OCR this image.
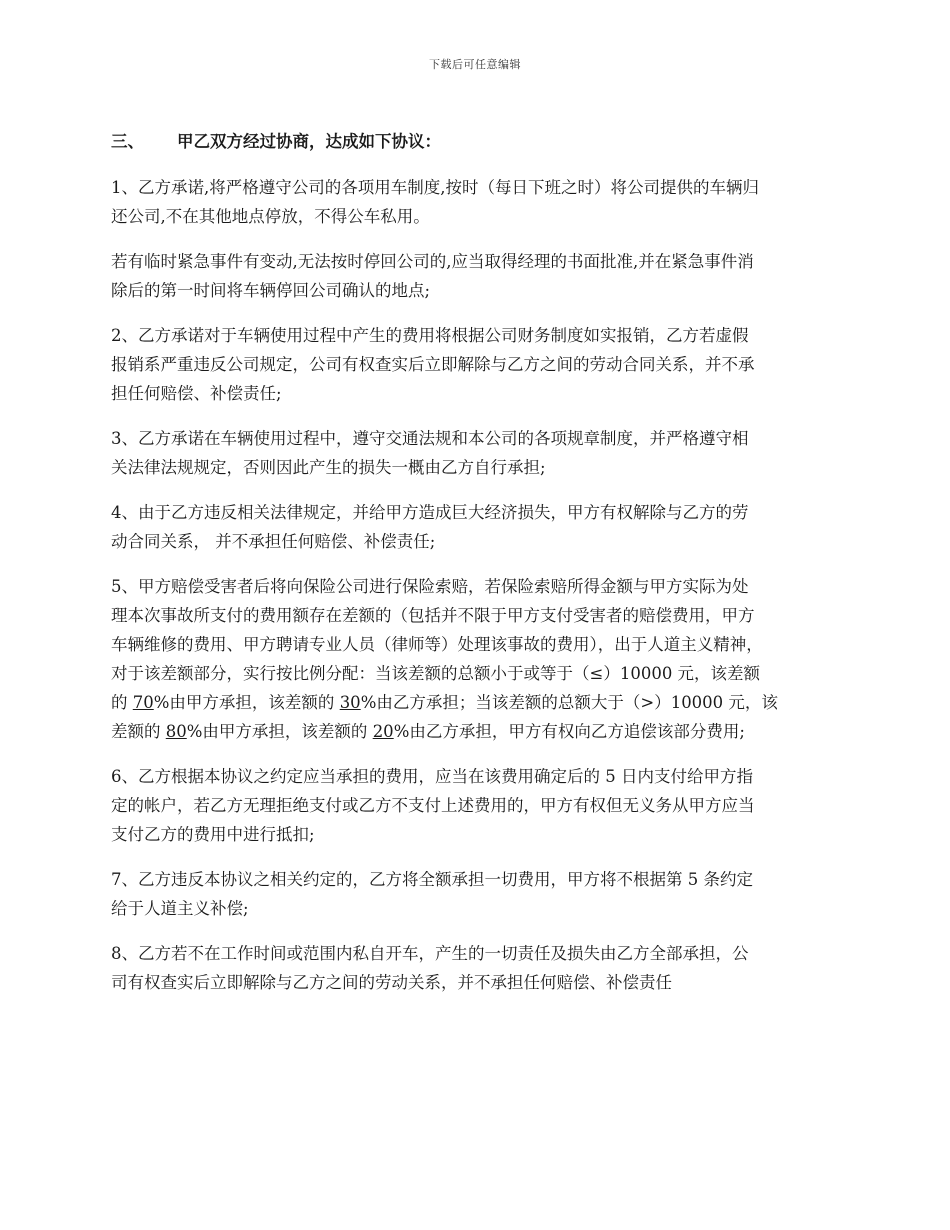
下载后可任意编辑
三、 甲乙双方经过协商，达成如下协议：
1、乙方承诺,将严格遵守公司的各项用车制度,按时（每日下班之时）将公司提供的车辆归
还公司,不在其他地点停放，不得公车私用。
若有临时紧急事件有变动,无法按时停回公司的,应当取得经理的书面批准,并在紧急事件消
除后的第一时间将车辆停回公司确认的地点;
2、乙方承诺对于车辆使用过程中产生的费用将根据公司财务制度如实报销，乙方若虚假
报销系严重违反公司规定，公司有权查实后立即解除与乙方之间的劳动合同关系，并不承
担任何赔偿、补偿责任;
3、乙方承诺在车辆使用过程中，遵守交通法规和本公司的各项规章制度，并严格遵守相
关法律法规规定，否则因此产生的损失一概由乙方自行承担;
4、由于乙方违反相关法律规定，并给甲方造成巨大经济损失，甲方有权解除与乙方的劳
动合同关系， 并不承担任何赔偿、补偿责任;
5、甲方赔偿受害者后将向保险公司进行保险索赔，若保险索赔所得金额与甲方实际为处
理本次事故所支付的费用额存在差额的（包括并不限于甲方支付受害者的赔偿费用，甲方
车辆维修的费用、甲方聘请专业人员（律师等）处理该事故的费用），出于人道主义精神，
对于该差额部分，实行按比例分配：当该差额的总额小于或等于（≤）10000 元，该差额
的 70%由甲方承担，该差额的 30%由乙方承担；当该差额的总额大于（>）10000 元，该
差额的 80%由甲方承担，该差额的 20%由乙方承担，甲方有权向乙方追偿该部分费用;
6、乙方根据本协议之约定应当承担的费用，应当在该费用确定后的 5 日内支付给甲方指
定的帐户，若乙方无理拒绝支付或乙方不支付上述费用的，甲方有权但无义务从甲方应当
支付乙方的费用中进行抵扣;
7、乙方违反本协议之相关约定的，乙方将全额承担一切费用，甲方将不根据第 5 条约定
给于人道主义补偿;
8、乙方若不在工作时间或范围内私自开车，产生的一切责任及损失由乙方全部承担，公
司有权查实后立即解除与乙方之间的劳动关系，并不承担任何赔偿、补偿责任
